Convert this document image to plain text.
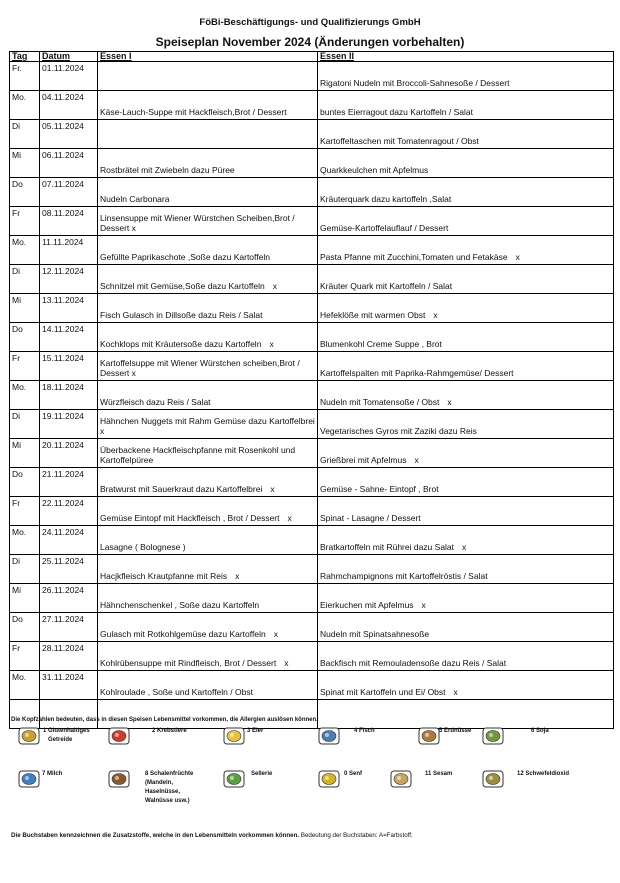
FöBi-Beschäftigungs- und Qualifizierungs GmbH
Speiseplan November 2024 (Änderungen vorbehalten)
Tag	Datum	Essen I	Essen II
Fr.	01.11.2024		Rigatoni Nudeln mit Broccoli-Sahnesoße / Dessert
Mo.	04.11.2024	Käse-Lauch-Suppe mit Hackfleisch,Brot / Dessert	buntes Eierragout dazu Kartoffeln / Salat
Di	05.11.2024		Kartoffeltaschen mit Tomatenragout / Obst
Mi	06.11.2024	Rostbrätel mit Zwiebeln dazu Püree	Quarkkeulchen mit Apfelmus
Do	07.11.2024	Nudeln Carbonara	Kräuterquark dazu kartoffeln ,Salat
Fr	08.11.2024	Linsensuppe mit Wiener Würstchen Scheiben,Brot / Dessert x	Gemüse-Kartoffelauflauf / Dessert
Mo.	11.11.2024	Gefüllte Paprikaschote ,Soße dazu Kartoffeln	Pasta Pfanne mit Zucchini,Tomaten und Fetakäse x
Di	12.11.2024	Schnitzel mit Gemüse,Soße dazu Kartoffeln x	Kräuter Quark mit Kartoffeln / Salat
Mi	13.11.2024	Fisch Gulasch in Dillsoße dazu Reis / Salat	Hefeklöße mit warmen Obst x
Do	14.11.2024	Kochklops mit Kräutersoße dazu Kartoffeln x	Blumenkohl Creme Suppe , Brot
Fr	15.11.2024	Kartoffelsuppe mit Wiener Würstchen scheiben,Brot / Dessert x	Kartoffelspalten mit Paprika-Rahmgemüse/ Dessert
Mo.	18.11.2024	Würzfleisch dazu Reis / Salat	Nudeln mit Tomatensoße / Obst x
Di	19.11.2024	Hähnchen Nuggets mit Rahm Gemüse dazu Kartoffelbrei x	Vegetarisches Gyros mit Zaziki dazu Reis
Mi	20.11.2024	Überbackene Hackfleischpfanne mit Rosenkohl und Kartoffelpüree	Grießbrei mit Apfelmus x
Do	21.11.2024	Bratwurst mit Sauerkraut dazu Kartoffelbrei x	Gemüse - Sahne- Eintopf , Brot
Fr	22.11.2024	Gemüse Eintopf mit Hackfleisch , Brot / Dessert x	Spinat - Lasagne / Dessert
Mo.	24.11.2024	Lasagne ( Bolognese )	Bratkartoffeln mit Rührei dazu Salat x
Di	25.11.2024	Hacjkfleisch Krautpfanne mit Reis x	Rahmchampignons mit Kartoffelröstis / Salat
Mi	26.11.2024	Hähnchenschenkel , Soße dazu Kartoffeln	Eierkuchen mit Apfelmus x
Do	27.11.2024	Gulasch mit Rotkohlgemüse dazu Kartoffeln x	Nudeln mit Spinatsahnesoße
Fr	28.11.2024	Kohlrübensuppe mit Rindfleisch, Brot / Dessert x	Backfisch mit Remouladensoße dazu Reis / Salat
Mo.	31.11.2024	Kohlroulade , Soße und Kartoffeln / Obst	Spinat mit Kartoffeln und Ei/ Obst x

Die Kopfzahlen bedeuten, dass in diesen Speisen Lebensmittel vorkommen, die Allergien auslösen können.
1 Glutenhaltiges
Getreide
2 Krebstiere	3 Eier	4 Fisch	5 Erdnüsse	6 Soja
7 Milch	8 Schalenfrüchte
(Mandeln,
Haselnüsse,
Walnüsse usw.)
Sellerie	0 Senf	11 Sesam	12 Schwefeldioxid
Die Buchstaben kennzeichnen die Zusatzstoffe, welche in den Lebensmitteln vorkommen können. Bedeutung der Buchstaben: A=Farbstoff;
